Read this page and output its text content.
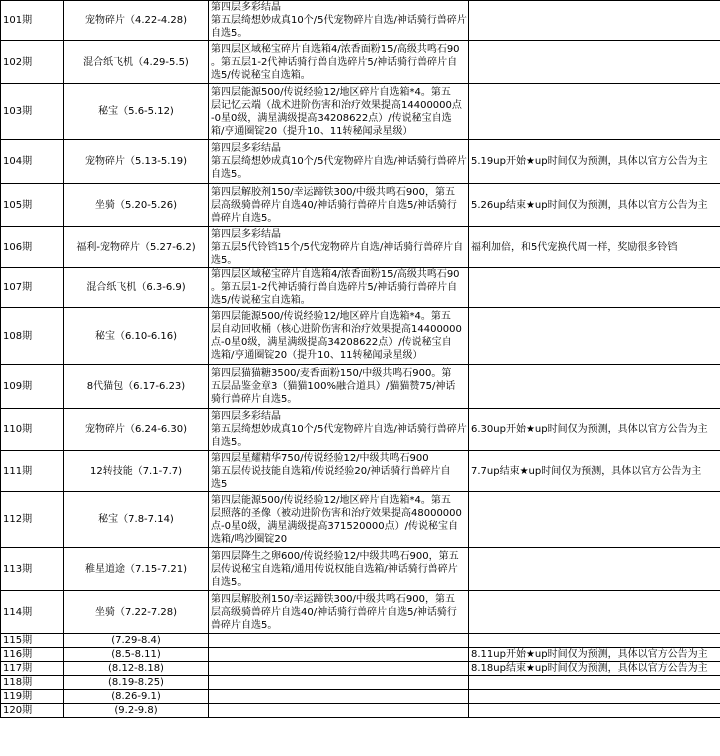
101期	宠物碎片（4.22-4.28)	第四层多彩结晶
第五层绮想妙成真10个/5代宠物碎片自选/神话骑行兽碎片
自选5。	

102期	混合纸飞机（4.29-5.5)	第四层区域秘宝碎片自选箱4/浓香面粉15/高级共鸣石90
。第五层1-2代神话骑行兽自选碎片5/神话骑行兽碎片自
选5/传说秘宝自选箱。	

103期	秘宝（5.6-5.12)	第四层能源500/传说经验12/地区碎片自选箱*4。第五
层记忆云端（战术进阶伤害和治疗效果提高14400000点
-0星0级，满星满级提高34208622点）/传说秘宝自选
箱/亨通圈锭20（提升10、11转秘闻录星级）	

104期	宠物碎片（5.13-5.19)	第四层多彩结晶
第五层绮想妙成真10个/5代宠物碎片自选/神话骑行兽碎片
自选5。	5.19up开始★up时间仅为预测，具体以官方公告为主
105期	坐骑（5.20-5.26)	第四层解胶剂150/幸运蹄铁300/中级共鸣石900，第五
层高级骑兽碎片自选40/神话骑行兽碎片自选5/神话骑行
兽碎片自选5。	5.26up结束★up时间仅为预测，具体以官方公告为主
106期	福利-宠物碎片（5.27-6.2)	第四层多彩结晶
第五层5代铃铛15个/5代宠物碎片自选/神话骑行兽碎片自
选5。	福利加倍，和5代宠换代周一样，奖励很多铃铛
107期	混合纸飞机（6.3-6.9)	第四层区域秘宝碎片自选箱4/浓香面粉15/高级共鸣石90
。第五层1-2代神话骑行兽自选碎片5/神话骑行兽碎片自
选5/传说秘宝自选箱。	

108期	秘宝（6.10-6.16)	第四层能源500/传说经验12/地区碎片自选箱*4。第五
层自动回收桶（核心进阶伤害和治疗效果提高14400000
点-0星0级，满星满级提高34208622点）/传说秘宝自
选箱/亨通圈锭20（提升10、11转秘闻录星级）	

109期	8代猫包（6.17-6.23)	第四层猫猫糖3500/麦香面粉150/中级共鸣石900。第
五层品鉴金章3（猫猫100%融合道具）/猫猫赞75/神话
骑行兽碎片自选5。	

110期	宠物碎片（6.24-6.30)	第四层多彩结晶
第五层绮想妙成真10个/5代宠物碎片自选/神话骑行兽碎片
自选5。	6.30up开始★up时间仅为预测，具体以官方公告为主
111期	12转技能（7.1-7.7)	第四层星耀精华750/传说经验12/中级共鸣石900
第五层传说技能自选箱/传说经验20/神话骑行兽碎片自
选5	7.7up结束★up时间仅为预测，具体以官方公告为主
112期	秘宝（7.8-7.14)	第四层能源500/传说经验12/地区碎片自选箱*4。第五
层照落的圣像（被动进阶伤害和治疗效果提高48000000
点-0星0级，满星满级提高371520000点）/传说秘宝自
选箱/鸣沙圈锭20	

113期	稚星道途（7.15-7.21)	第四层降生之卵600/传说经验12/中级共鸣石900，第五
层传说秘宝自选箱/通用传说权能自选箱/神话骑行兽碎片
自选5。	

114期	坐骑（7.22-7.28)	第四层解胶剂150/幸运蹄铁300/中级共鸣石900，第五
层高级骑兽碎片自选40/神话骑行兽碎片自选5/神话骑行
兽碎片自选5。	

115期	(7.29-8.4)		
116期	(8.5-8.11)		8.11up开始★up时间仅为预测，具体以官方公告为主
117期	(8.12-8.18)		8.18up结束★up时间仅为预测，具体以官方公告为主
118期	(8.19-8.25)		
119期	(8.26-9.1)		
120期	(9.2-9.8)		
